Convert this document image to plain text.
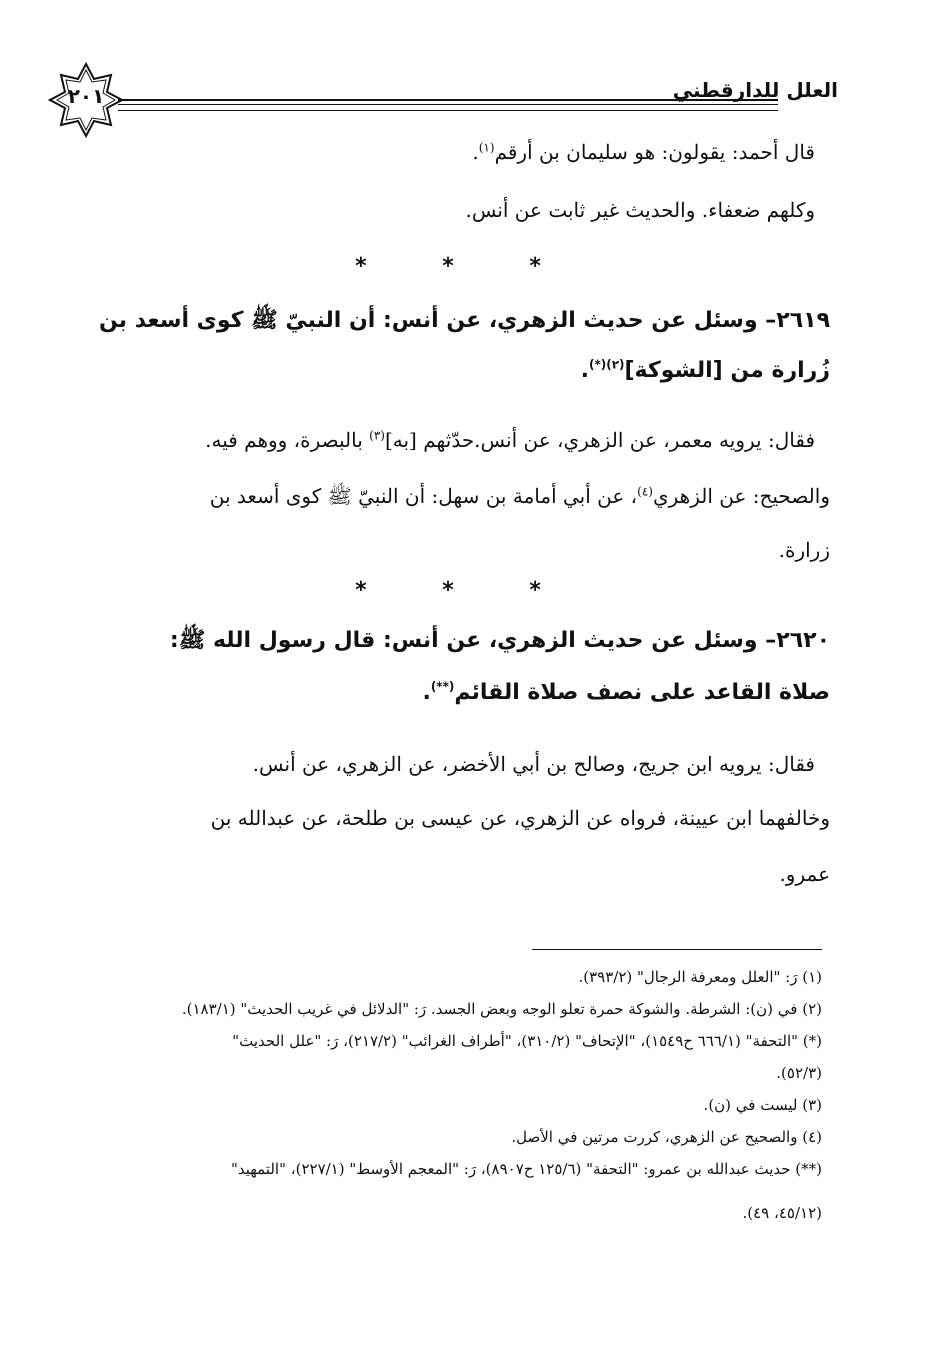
العلل للدارقطني
٢٠١
قال أحمد: يقولون: هو سليمان بن أرقم$^{(١)}$.
وكلهم ضعفاء. والحديث غير ثابت عن أنس.
* * *
٢٦١٩– وسئل عن حديث الزهري، عن أنس: أن النبيّ ﷺ كوى أسعد بن
زُرارة من [الشوكة]$^{(٢)(*)}$.
فقال: يرويه معمر، عن الزهري، عن أنس.حدّثهم [به]$^{(٣)}$ بالبصرة، ووهم فيه.
والصحيح: عن الزهري$^{(٤)}$، عن أبي أمامة بن سهل: أن النبيّ ﷺ كوى أسعد بن
زرارة.
* * *
٢٦٢٠– وسئل عن حديث الزهري، عن أنس: قال رسول الله ﷺ:
صلاة القاعد على نصف صلاة القائم(**).
فقال: يرويه ابن جريج، وصالح بن أبي الأخضر، عن الزهري، عن أنس.
وخالفهما ابن عيينة، فرواه عن الزهري، عن عيسى بن طلحة، عن عبدالله بن
عمرو.
(١) رَ: "العلل ومعرفة الرجال" (٣٩٣/٢).
(٢) في (ن): الشرطة. والشوكة حمرة تعلو الوجه وبعض الجسد. رَ: "الدلائل في غريب الحديث" (١٨٣/١).
(*) "التحفة" (٦٦٦/١ ح١٥٤٩)، "الإتحاف" (٣١٠/٢)، "أطراف الغرائب" (٢١٧/٢)، رَ: "علل الحديث"
(٥٢/٣).
(٣) ليست في (ن).
(٤) والصحيح عن الزهري، كررت مرتين في الأصل.
(**) حديث عبدالله بن عمرو: "التحفة" (١٢٥/٦ ح٨٩٠٧)، رَ: "المعجم الأوسط" (٢٢٧/١)، "التمهيد"
(٤٥/١٢، ٤٩).
